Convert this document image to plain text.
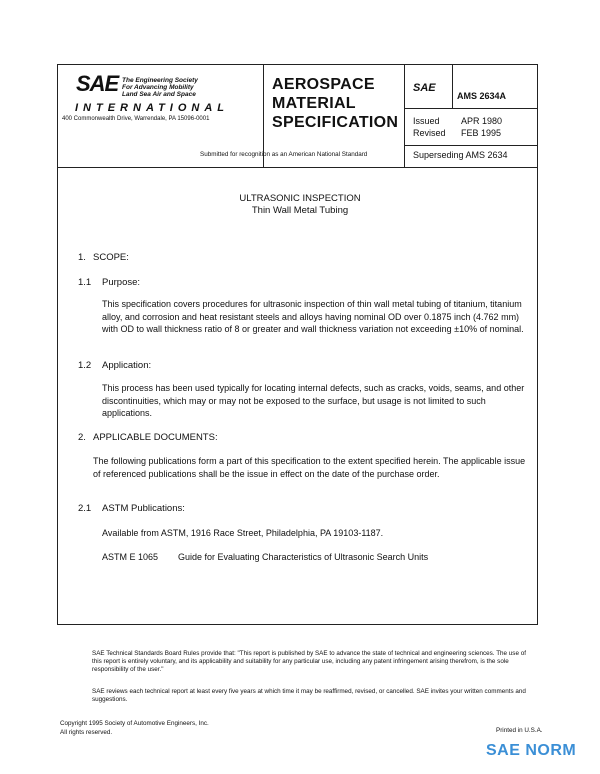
SAE The Engineering Society
For Advancing Mobility
Land Sea Air and Space
INTERNATIONAL
400 Commonwealth Drive, Warrendale, PA 15096-0001
AEROSPACE
MATERIAL
SPECIFICATION
SAE
AMS 2634A
Issued APR 1980
Revised FEB 1995
Submitted for recognition as an American National Standard	Superseding AMS 2634
ULTRASONIC INSPECTION
Thin Wall Metal Tubing
1. SCOPE:
1.1 Purpose:
This specification covers procedures for ultrasonic inspection of thin wall metal tubing of titanium, titanium alloy, and corrosion and heat resistant steels and alloys having nominal OD over 0.1875 inch (4.762 mm) with OD to wall thickness ratio of 8 or greater and wall thickness variation not exceeding ±10% of nominal.
1.2 Application:
This process has been used typically for locating internal defects, such as cracks, voids, seams, and other discontinuities, which may or may not be exposed to the surface, but usage is not limited to such applications.
2. APPLICABLE DOCUMENTS:
The following publications form a part of this specification to the extent specified herein. The applicable issue of referenced publications shall be the issue in effect on the date of the purchase order.
2.1 ASTM Publications:
Available from ASTM, 1916 Race Street, Philadelphia, PA 19103-1187.
ASTM E 1065 Guide for Evaluating Characteristics of Ultrasonic Search Units
SAE Technical Standards Board Rules provide that: "This report is published by SAE to advance the state of technical and engineering sciences. The use of this report is entirely voluntary, and its applicability and suitability for any particular use, including any patent infringement arising therefrom, is the sole responsibility of the user."
SAE reviews each technical report at least every five years at which time it may be reaffirmed, revised, or cancelled. SAE invites your written comments and suggestions.
Copyright 1995 Society of Automotive Engineers, Inc.
All rights reserved.	Printed in U.S.A.
SAE NORM
